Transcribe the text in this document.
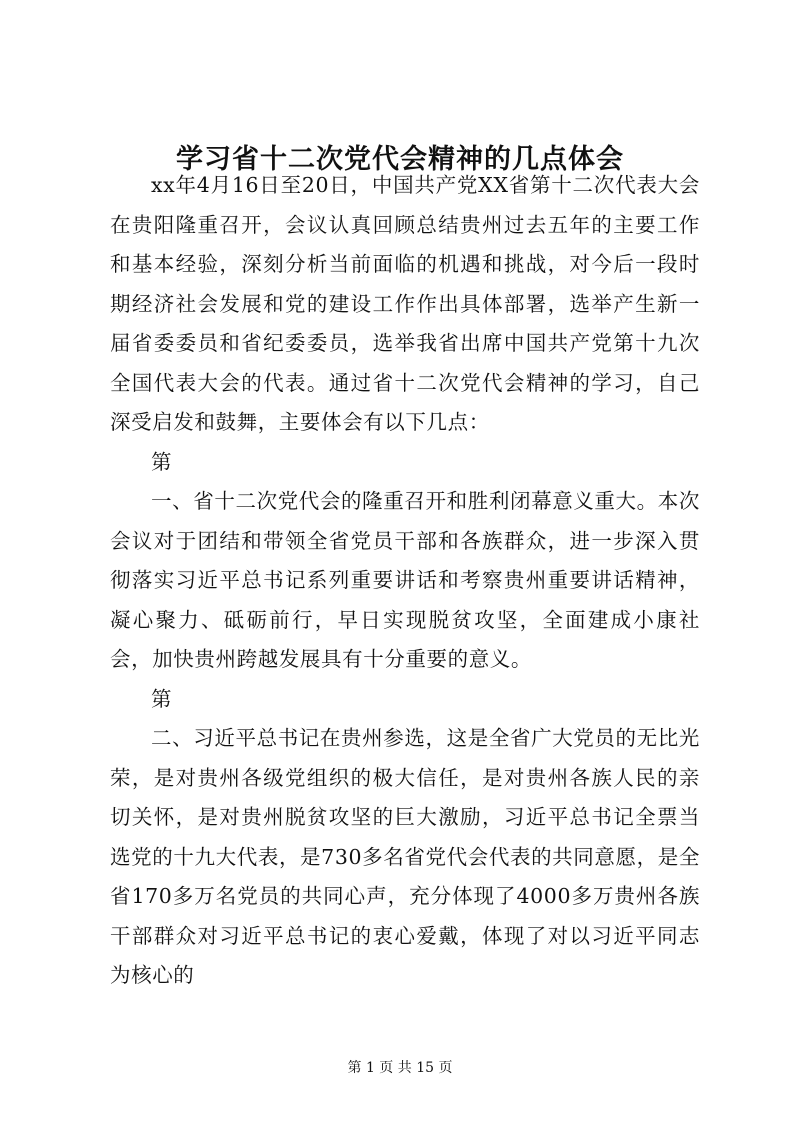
学习省十二次党代会精神的几点体会

xx年4月16日至20日，中国共产党XX省第十二次代表大会在贵阳隆重召开，会议认真回顾总结贵州过去五年的主要工作和基本经验，深刻分析当前面临的机遇和挑战，对今后一段时期经济社会发展和党的建设工作作出具体部署，选举产生新一届省委委员和省纪委委员，选举我省出席中国共产党第十九次全国代表大会的代表。通过省十二次党代会精神的学习，自己深受启发和鼓舞，主要体会有以下几点：

第

一、省十二次党代会的隆重召开和胜利闭幕意义重大。本次会议对于团结和带领全省党员干部和各族群众，进一步深入贯彻落实习近平总书记系列重要讲话和考察贵州重要讲话精神，凝心聚力、砥砺前行，早日实现脱贫攻坚，全面建成小康社会，加快贵州跨越发展具有十分重要的意义。

第

二、习近平总书记在贵州参选，这是全省广大党员的无比光荣，是对贵州各级党组织的极大信任，是对贵州各族人民的亲切关怀，是对贵州脱贫攻坚的巨大激励，习近平总书记全票当选党的十九大代表，是730多名省党代会代表的共同意愿，是全省170多万名党员的共同心声，充分体现了4000多万贵州各族干部群众对习近平总书记的衷心爱戴，体现了对以习近平同志为核心的

第 1 页 共 15 页
